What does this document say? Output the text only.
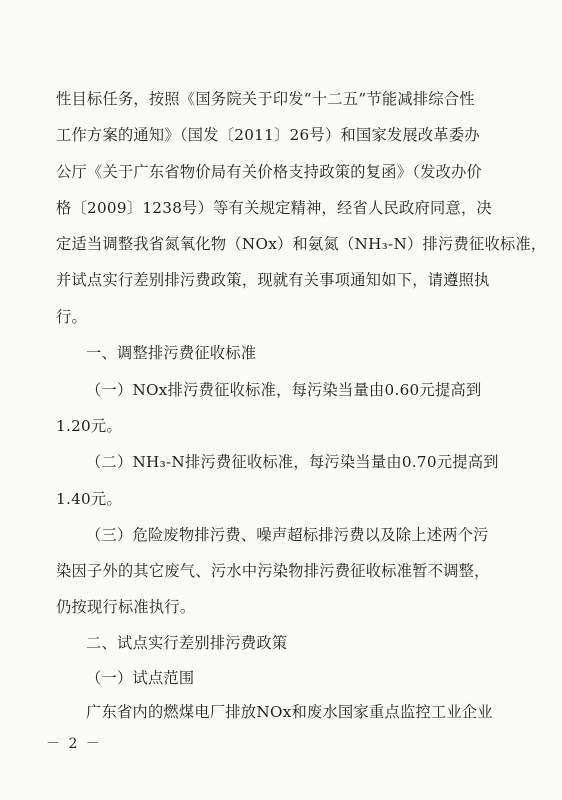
性目标任务，按照《国务院关于印发“十二五”节能减排综合性
工作方案的通知》（国发〔2011〕26号）和国家发展改革委办
公厅《关于广东省物价局有关价格支持政策的复函》（发改办价
格〔2009〕1238号）等有关规定精神，经省人民政府同意，决
定适当调整我省氮氧化物（NOx）和氨氮（NH₃-N）排污费征收标准，
并试点实行差别排污费政策，现就有关事项通知如下，请遵照执
行。
一、调整排污费征收标准
（一）NOx排污费征收标准，每污染当量由0.60元提高到
1.20元。
（二）NH₃-N排污费征收标准，每污染当量由0.70元提高到
1.40元。
（三）危险废物排污费、噪声超标排污费以及除上述两个污
染因子外的其它废气、污水中污染物排污费征收标准暂不调整，
仍按现行标准执行。
二、试点实行差别排污费政策
（一）试点范围
广东省内的燃煤电厂排放NOx和废水国家重点监控工业企业
－ 2 －
